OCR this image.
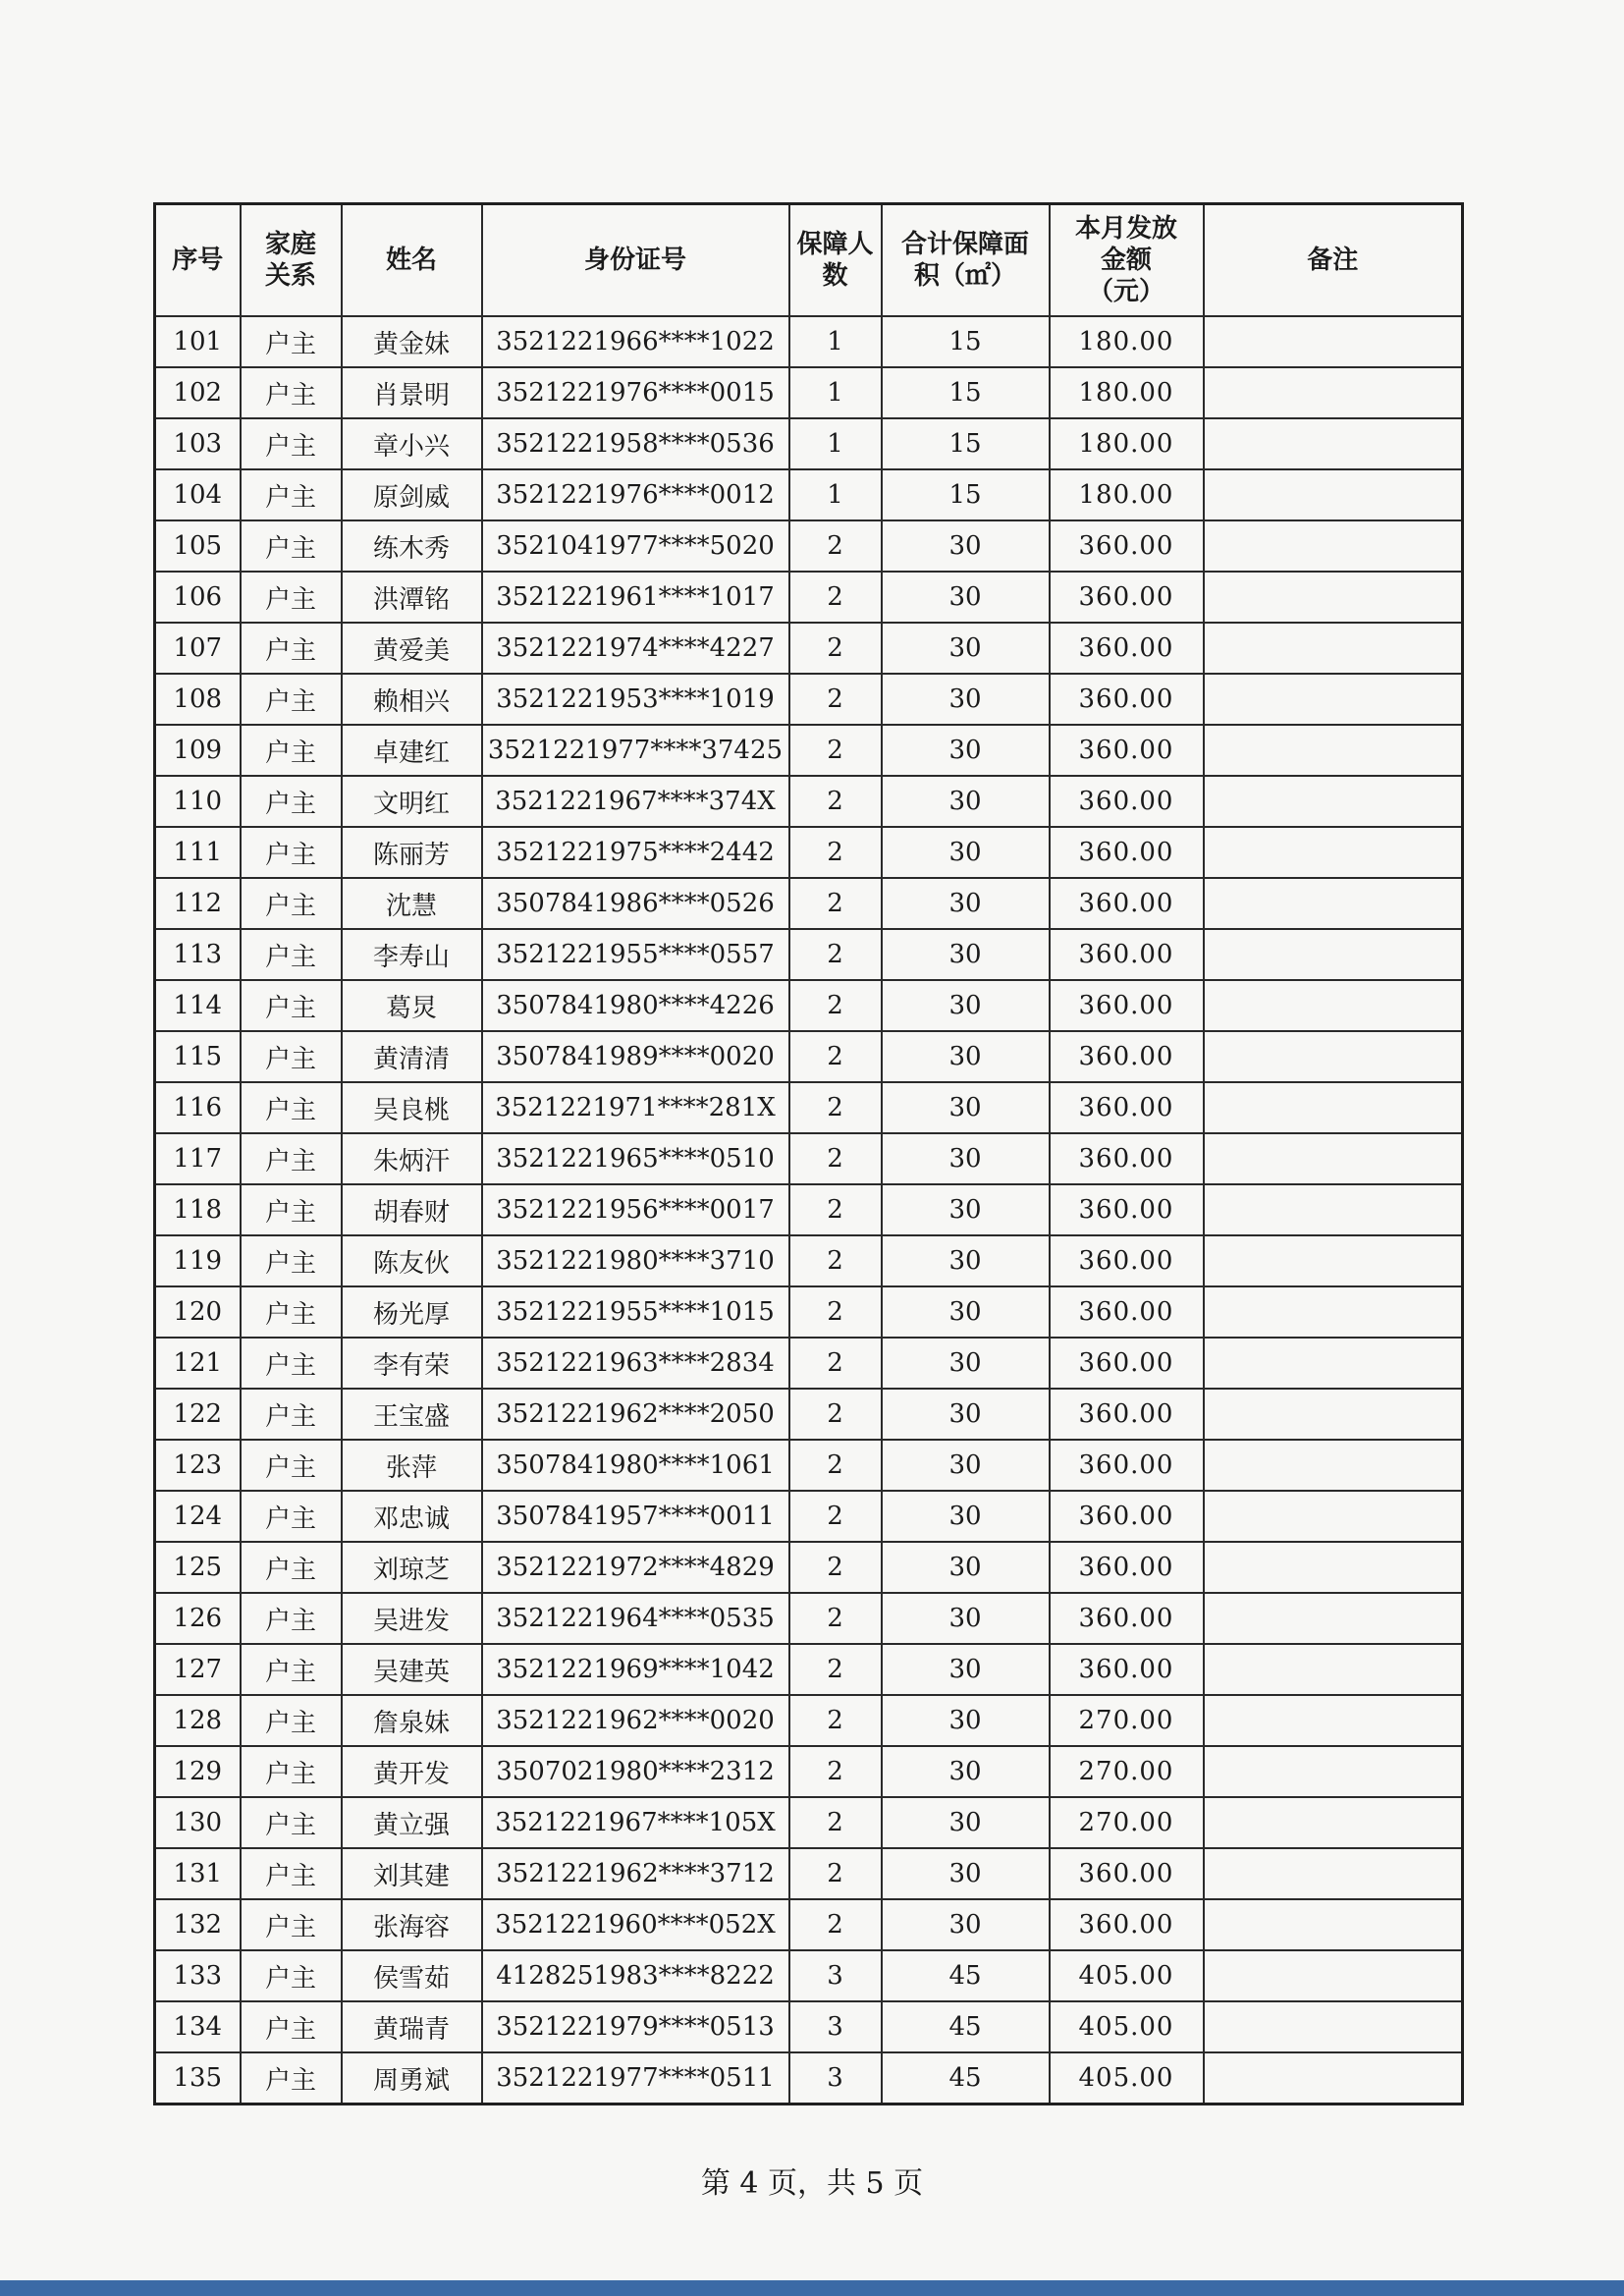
序号	家庭关系	姓名	身份证号	保障人数	合计保障面积（㎡）	本月发放金额（元）	备注
101	户主	黄金妹	3521221966****1022	1	15	180.00	
102	户主	肖景明	3521221976****0015	1	15	180.00	
103	户主	章小兴	3521221958****0536	1	15	180.00	
104	户主	原剑威	3521221976****0012	1	15	180.00	
105	户主	练木秀	3521041977****5020	2	30	360.00	
106	户主	洪潭铭	3521221961****1017	2	30	360.00	
107	户主	黄爱美	3521221974****4227	2	30	360.00	
108	户主	赖相兴	3521221953****1019	2	30	360.00	
109	户主	卓建红	3521221977****37425	2	30	360.00	
110	户主	文明红	3521221967****374X	2	30	360.00	
111	户主	陈丽芳	3521221975****2442	2	30	360.00	
112	户主	沈慧	3507841986****0526	2	30	360.00	
113	户主	李寿山	3521221955****0557	2	30	360.00	
114	户主	葛炅	3507841980****4226	2	30	360.00	
115	户主	黄清清	3507841989****0020	2	30	360.00	
116	户主	吴良桃	3521221971****281X	2	30	360.00	
117	户主	朱炳汗	3521221965****0510	2	30	360.00	
118	户主	胡春财	3521221956****0017	2	30	360.00	
119	户主	陈友伙	3521221980****3710	2	30	360.00	
120	户主	杨光厚	3521221955****1015	2	30	360.00	
121	户主	李有荣	3521221963****2834	2	30	360.00	
122	户主	王宝盛	3521221962****2050	2	30	360.00	
123	户主	张萍	3507841980****1061	2	30	360.00	
124	户主	邓忠诚	3507841957****0011	2	30	360.00	
125	户主	刘琼芝	3521221972****4829	2	30	360.00	
126	户主	吴进发	3521221964****0535	2	30	360.00	
127	户主	吴建英	3521221969****1042	2	30	360.00	
128	户主	詹泉妹	3521221962****0020	2	30	270.00	
129	户主	黄开发	3507021980****2312	2	30	270.00	
130	户主	黄立强	3521221967****105X	2	30	270.00	
131	户主	刘其建	3521221962****3712	2	30	360.00	
132	户主	张海容	3521221960****052X	2	30	360.00	
133	户主	侯雪茹	4128251983****8222	3	45	405.00	
134	户主	黄瑞青	3521221979****0513	3	45	405.00	
135	户主	周勇斌	3521221977****0511	3	45	405.00	
第 4 页，共 5 页
